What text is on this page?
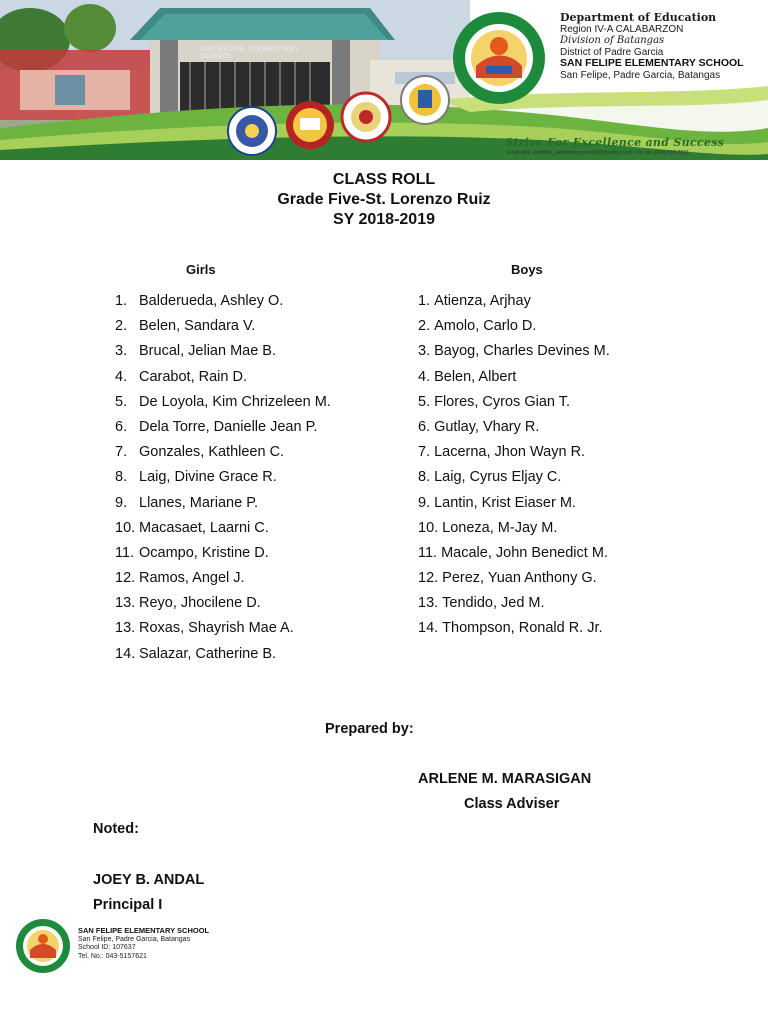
SAN FELIPE ELEMENTARY SCHOOL
Department of Education
Region IV-A CALABARZON
Division of Batangas
District of Padre Garcia
SAN FELIPE ELEMENTARY SCHOOL
San Felipe, Padre Garcia, Batangas
Strive For Excellence and Success
Email add: sanfelipe_elementaryschool109@yahoo.com • Tel. No. (043) 515-7621
CLASS ROLL
Grade Five-St. Lorenzo Ruiz
SY 2018-2019
Girls	Boys
1. Balderueda, Ashley O.
2. Belen, Sandara V.
3. Brucal, Jelian Mae B.
4. Carabot, Rain D.
5. De Loyola, Kim Chrizeleen M.
6. Dela Torre, Danielle Jean P.
7. Gonzales, Kathleen C.
8. Laig, Divine Grace R.
9. Llanes, Mariane P.
10. Macasaet, Laarni C.
11. Ocampo, Kristine D.
12. Ramos, Angel J.
13. Reyo, Jhocilene D.
13. Roxas, Shayrish Mae A.
14. Salazar, Catherine B.
1. Atienza, Arjhay
2. Amolo, Carlo D.
3. Bayog, Charles Devines M.
4. Belen, Albert
5. Flores, Cyros Gian T.
6. Gutlay, Vhary R.
7. Lacerna, Jhon Wayn R.
8. Laig, Cyrus Eljay C.
9. Lantin, Krist Eiaser M.
10. Loneza, M-Jay M.
11. Macale, John Benedict M.
12. Perez, Yuan Anthony G.
13. Tendido, Jed M.
14. Thompson, Ronald R. Jr.
Prepared by:
ARLENE M. MARASIGAN
Class Adviser
Noted:
JOEY B. ANDAL
Principal I
SAN FELIPE ELEMENTARY SCHOOL
San Felipe, Padre Garcia, Batangas
School ID: 107637
Tel. No.: 043-5157621
